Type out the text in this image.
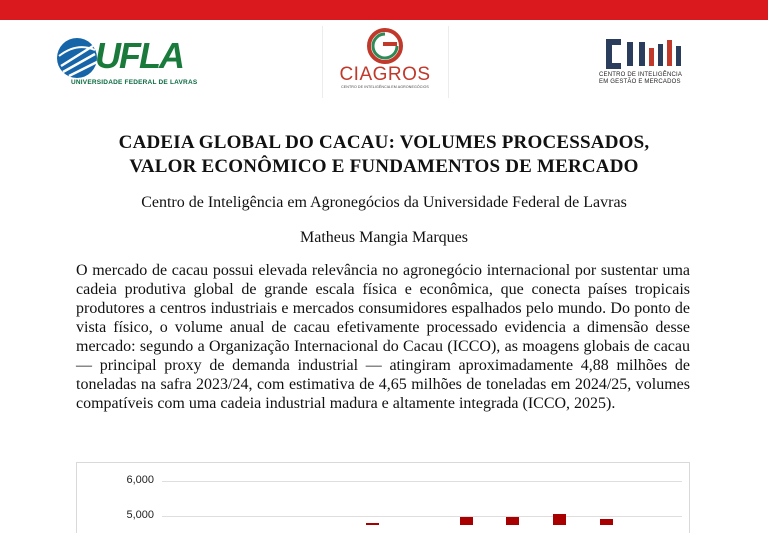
UFLA
UNIVERSIDADE FEDERAL DE LAVRAS	CIAGROS
CENTRO DE INTELIGÊNCIA EM AGRONEGÓCIOS
CENTRO DE INTELIGÊNCIA
EM GESTÃO E MERCADOS
CADEIA GLOBAL DO CACAU: VOLUMES PROCESSADOS,
VALOR ECONÔMICO E FUNDAMENTOS DE MERCADO
Centro de Inteligência em Agronegócios da Universidade Federal de Lavras
Matheus Mangia Marques
O mercado de cacau possui elevada relevância no agronegócio internacional por sustentar uma cadeia produtiva global de grande escala física e econômica, que conecta países tropicais produtores a centros industriais e mercados consumidores espalhados pelo mundo. Do ponto de vista físico, o volume anual de cacau efetivamente processado evidencia a dimensão desse mercado: segundo a Organização Internacional do Cacau (ICCO), as moagens globais de cacau — principal proxy de demanda industrial — atingiram aproximadamente 4,88 milhões de toneladas na safra 2023/24, com estimativa de 4,65 milhões de toneladas em 2024/25, volumes compatíveis com uma cadeia industrial madura e altamente integrada (ICCO, 2025).
6,000
5,000
